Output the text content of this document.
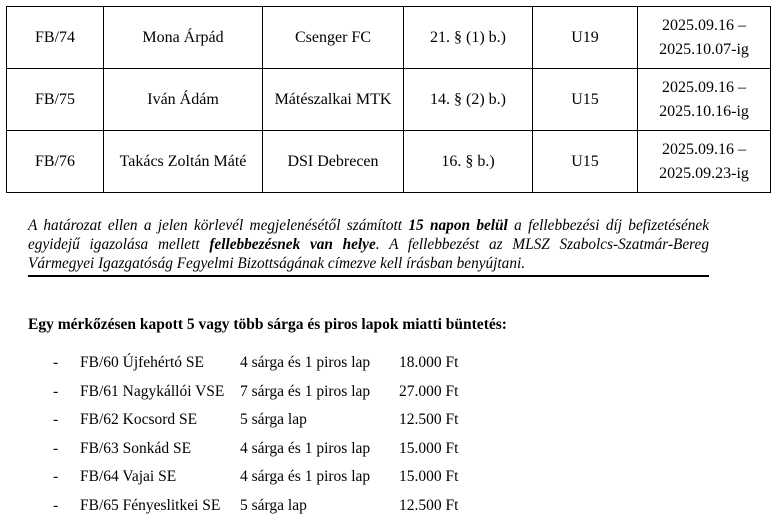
FB/74	Mona Árpád	Csenger FC	21. § (1) b.)	U19	2025.09.16 –
2025.10.07-ig

FB/75	Iván Ádám	Mátészalkai MTK	14. § (2) b.)	U15	2025.09.16 –
2025.10.16-ig

FB/76	Takács Zoltán Máté	DSI Debrecen	16. § b.)	U15	2025.09.16 –
2025.09.23-ig

A határozat ellen a jelen körlevél megjelenésétől számított 15 napon belül a fellebbezési díj befizetésének egyidejű igazolása mellett fellebbezésnek van helye. A fellebbezést az MLSZ Szabolcs-Szatmár-Bereg Vármegyei Igazgatóság Fegyelmi Bizottságának címezve kell írásban benyújtani.

Egy mérkőzésen kapott 5 vagy több sárga és piros lapok miatti büntetés:
- FB/60 Újfehértó SE 4 sárga és 1 piros lap 18.000 Ft
- FB/61 Nagykállói VSE 7 sárga és 1 piros lap 27.000 Ft
- FB/62 Kocsord SE	5 sárga lap	12.500 Ft
- FB/63 Sonkád SE	4 sárga és 1 piros lap 15.000 Ft
- FB/64 Vajai SE	4 sárga és 1 piros lap 15.000 Ft
- FB/65 Fényeslitkei SE 5 sárga lap	12.500 Ft
